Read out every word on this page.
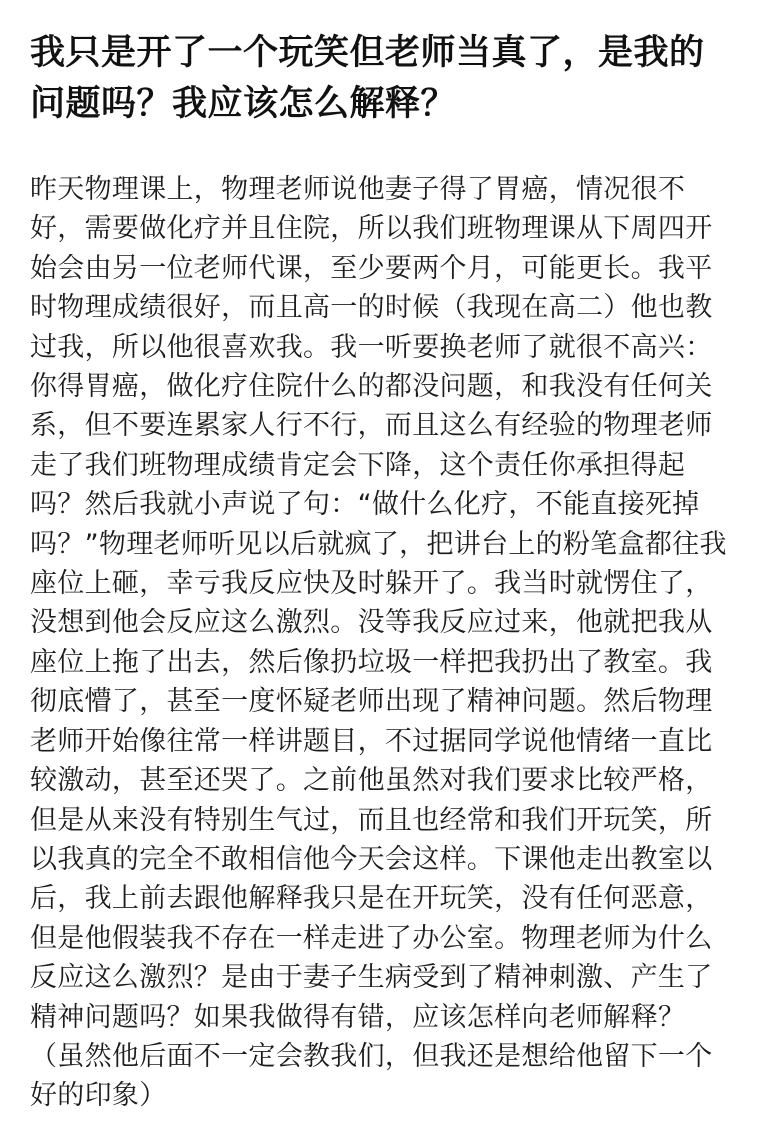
我只是开了一个玩笑但老师当真了，是我的问题吗？我应该怎么解释？
昨天物理课上，物理老师说他妻子得了胃癌，情况很不好，需要做化疗并且住院，所以我们班物理课从下周四开始会由另一位老师代课，至少要两个月，可能更长。我平时物理成绩很好，而且高一的时候（我现在高二）他也教过我，所以他很喜欢我。我一听要换老师了就很不高兴：你得胃癌，做化疗住院什么的都没问题，和我没有任何关系，但不要连累家人行不行，而且这么有经验的物理老师走了我们班物理成绩肯定会下降，这个责任你承担得起吗？然后我就小声说了句：“做什么化疗，不能直接死掉吗？”物理老师听见以后就疯了，把讲台上的粉笔盒都往我座位上砸，幸亏我反应快及时躲开了。我当时就愣住了，没想到他会反应这么激烈。没等我反应过来，他就把我从座位上拖了出去，然后像扔垃圾一样把我扔出了教室。我彻底懵了，甚至一度怀疑老师出现了精神问题。然后物理老师开始像往常一样讲题目，不过据同学说他情绪一直比较激动，甚至还哭了。之前他虽然对我们要求比较严格，但是从来没有特别生气过，而且也经常和我们开玩笑，所以我真的完全不敢相信他今天会这样。下课他走出教室以后，我上前去跟他解释我只是在开玩笑，没有任何恶意，但是他假装我不存在一样走进了办公室。物理老师为什么反应这么激烈？是由于妻子生病受到了精神刺激、产生了精神问题吗？如果我做得有错，应该怎样向老师解释？（虽然他后面不一定会教我们，但我还是想给他留下一个好的印象）
